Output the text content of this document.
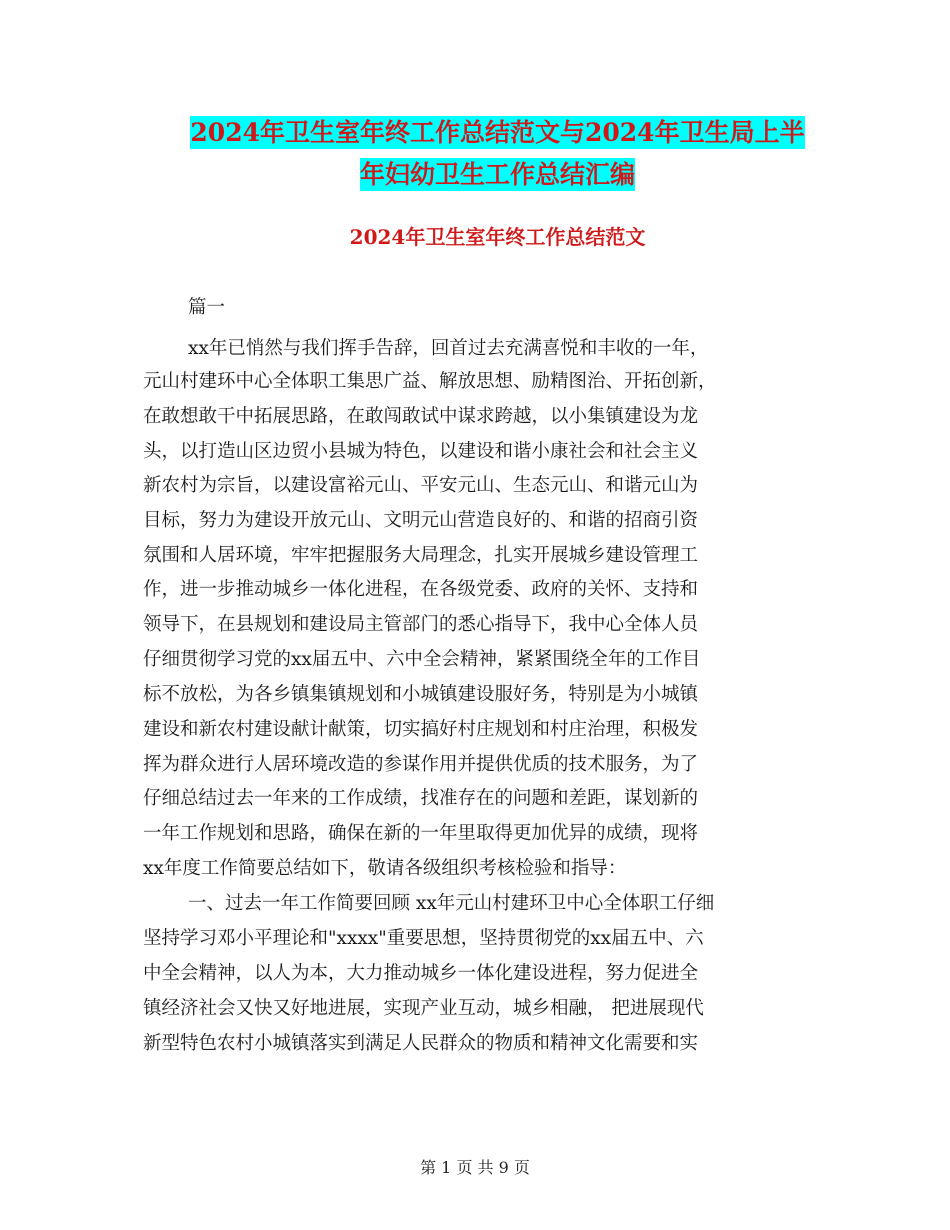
2024年卫生室年终工作总结范文与2024年卫生局上半
年妇幼卫生工作总结汇编
2024年卫生室年终工作总结范文
篇一
xx年已悄然与我们挥手告辞，回首过去充满喜悦和丰收的一年，
元山村建环中心全体职工集思广益、解放思想、励精图治、开拓创新，
在敢想敢干中拓展思路，在敢闯敢试中谋求跨越，以小集镇建设为龙
头，以打造山区边贸小县城为特色，以建设和谐小康社会和社会主义
新农村为宗旨，以建设富裕元山、平安元山、生态元山、和谐元山为
目标，努力为建设开放元山、文明元山营造良好的、和谐的招商引资
氛围和人居环境，牢牢把握服务大局理念，扎实开展城乡建设管理工
作，进一步推动城乡一体化进程，在各级党委、政府的关怀、支持和
领导下，在县规划和建设局主管部门的悉心指导下，我中心全体人员
仔细贯彻学习党的xx届五中、六中全会精神，紧紧围绕全年的工作目
标不放松，为各乡镇集镇规划和小城镇建设服好务，特别是为小城镇
建设和新农村建设献计献策，切实搞好村庄规划和村庄治理，积极发
挥为群众进行人居环境改造的参谋作用并提供优质的技术服务，为了
仔细总结过去一年来的工作成绩，找准存在的问题和差距，谋划新的
一年工作规划和思路，确保在新的一年里取得更加优异的成绩，现将
xx年度工作简要总结如下，敬请各级组织考核检验和指导：
一、过去一年工作简要回顾 xx年元山村建环卫中心全体职工仔细
坚持学习邓小平理论和"xxxx"重要思想，坚持贯彻党的xx届五中、六
中全会精神，以人为本，大力推动城乡一体化建设进程，努力促进全
镇经济社会又快又好地进展，实现产业互动，城乡相融， 把进展现代
新型特色农村小城镇落实到满足人民群众的物质和精神文化需要和实
第 1 页 共 9 页
